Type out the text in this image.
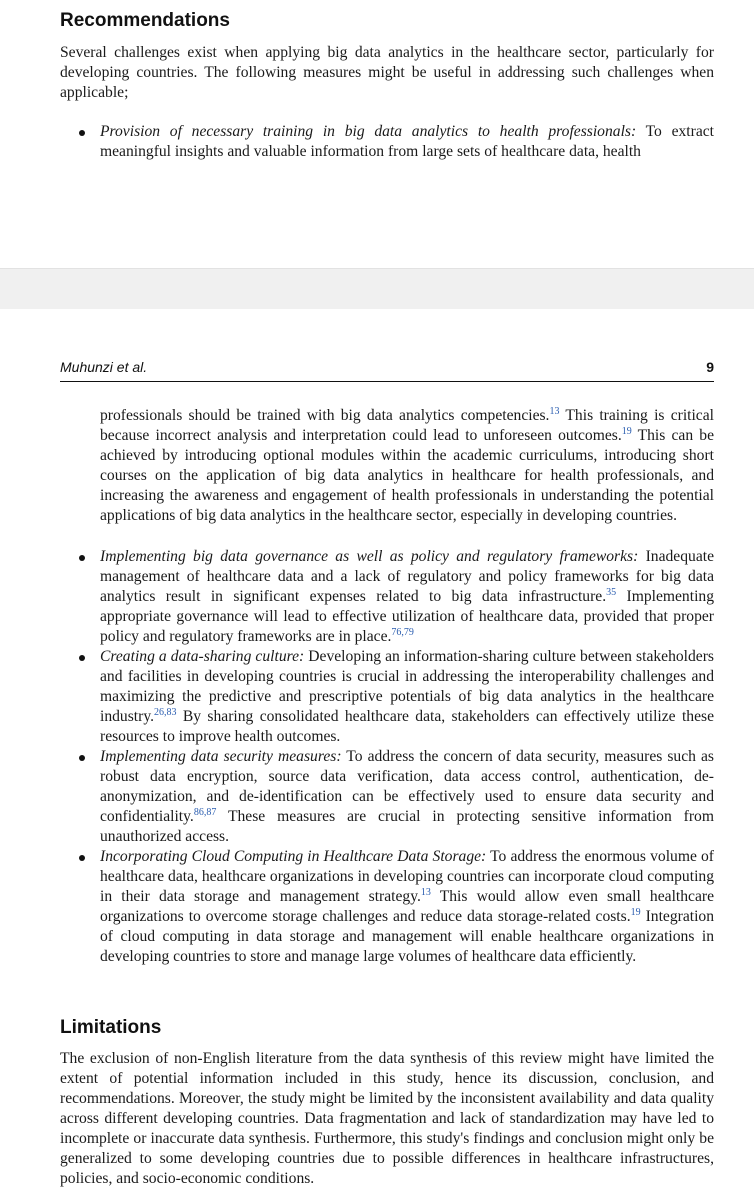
Recommendations

Several challenges exist when applying big data analytics in the healthcare sector, particularly for developing countries. The following measures might be useful in addressing such challenges when applicable;

Provision of necessary training in big data analytics to health professionals: To extract meaningful insights and valuable information from large sets of healthcare data, health
Muhunzi et al.	9

professionals should be trained with big data analytics competencies.$^{13}$ This training is critical because incorrect analysis and interpretation could lead to unforeseen outcomes.$^{19}$ This can be achieved by introducing optional modules within the academic curriculums, introducing short courses on the application of big data analytics in healthcare for health professionals, and increasing the awareness and engagement of health professionals in understanding the potential applications of big data analytics in the healthcare sector, especially in developing countries.

Implementing big data governance as well as policy and regulatory frameworks: Inadequate management of healthcare data and a lack of regulatory and policy frameworks for big data analytics result in significant expenses related to big data infrastructure.$^{35}$ Implementing appropriate governance will lead to effective utilization of healthcare data, provided that proper policy and regulatory frameworks are in place.$^{76,79}$
Creating a data-sharing culture: Developing an information-sharing culture between stakeholders and facilities in developing countries is crucial in addressing the interoperability challenges and maximizing the predictive and prescriptive potentials of big data analytics in the healthcare industry.$^{26,83}$ By sharing consolidated healthcare data, stakeholders can effectively utilize these resources to improve health outcomes.
Implementing data security measures: To address the concern of data security, measures such as robust data encryption, source data verification, data access control, authentication, de-anonymization, and de-identification can be effectively used to ensure data security and confidentiality.$^{86,87}$ These measures are crucial in protecting sensitive information from unauthorized access.
Incorporating Cloud Computing in Healthcare Data Storage: To address the enormous volume of healthcare data, healthcare organizations in developing countries can incorporate cloud computing in their data storage and management strategy.$^{13}$ This would allow even small healthcare organizations to overcome storage challenges and reduce data storage-related costs.$^{19}$ Integration of cloud computing in data storage and management will enable healthcare organizations in developing countries to store and manage large volumes of healthcare data efficiently.
Limitations

The exclusion of non-English literature from the data synthesis of this review might have limited the extent of potential information included in this study, hence its discussion, conclusion, and recommendations. Moreover, the study might be limited by the inconsistent availability and data quality across different developing countries. Data fragmentation and lack of standardization may have led to incomplete or inaccurate data synthesis. Furthermore, this study's findings and conclusion might only be generalized to some developing countries due to possible differences in healthcare infrastructures, policies, and socio-economic conditions.
